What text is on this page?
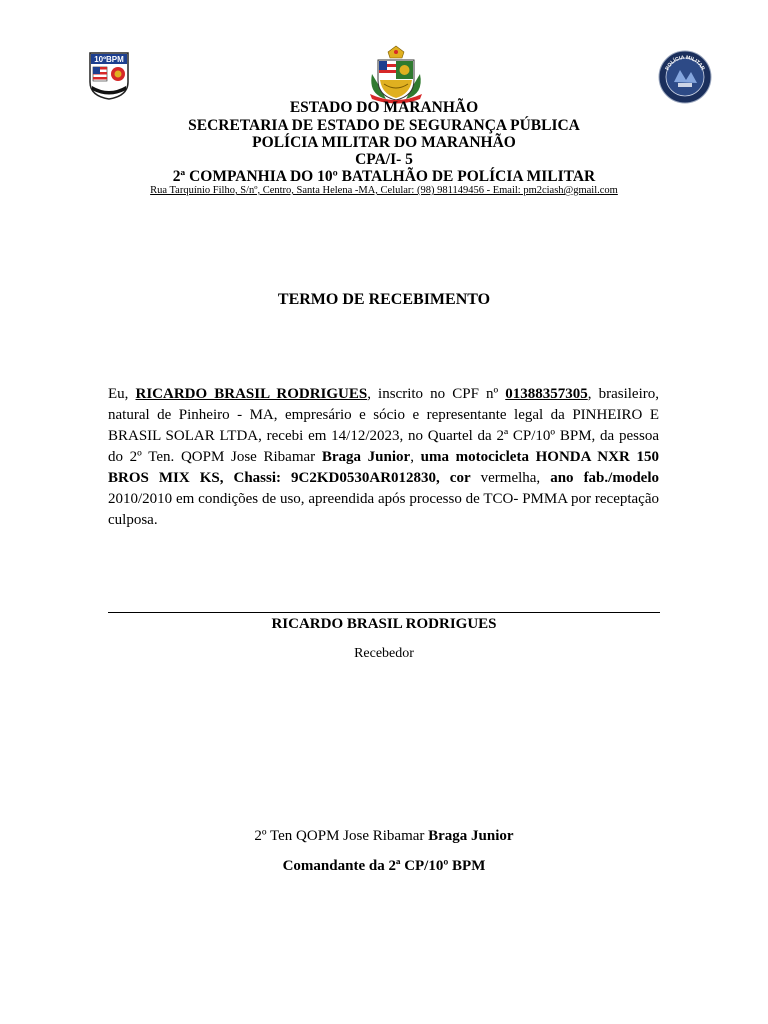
10ºBPM
POLÍCIA MILITAR
ESTADO DO MARANHÃO
SECRETARIA DE ESTADO DE SEGURANÇA PÚBLICA
POLÍCIA MILITAR DO MARANHÃO
CPA/I- 5
2ª COMPANHIA DO 10º BATALHÃO DE POLÍCIA MILITAR
Rua Tarquínio Filho, S/nº, Centro, Santa Helena -MA, Celular: (98) 981149456 - Email: pm2ciash@gmail.com
TERMO DE RECEBIMENTO
Eu, RICARDO BRASIL RODRIGUES, inscrito no CPF nº 01388357305, brasileiro, natural de Pinheiro - MA, empresário e sócio e representante legal da PINHEIRO E BRASIL SOLAR LTDA, recebi em 14/12/2023, no Quartel da 2ª CP/10º BPM, da pessoa do 2º Ten. QOPM Jose Ribamar Braga Junior, uma motocicleta HONDA NXR 150 BROS MIX KS, Chassi: 9C2KD0530AR012830, cor vermelha, ano fab./modelo 2010/2010 em condições de uso, apreendida após processo de TCO- PMMA por receptação culposa.
RICARDO BRASIL RODRIGUES
Recebedor
2º Ten QOPM Jose Ribamar Braga Junior
Comandante da 2ª CP/10º BPM
